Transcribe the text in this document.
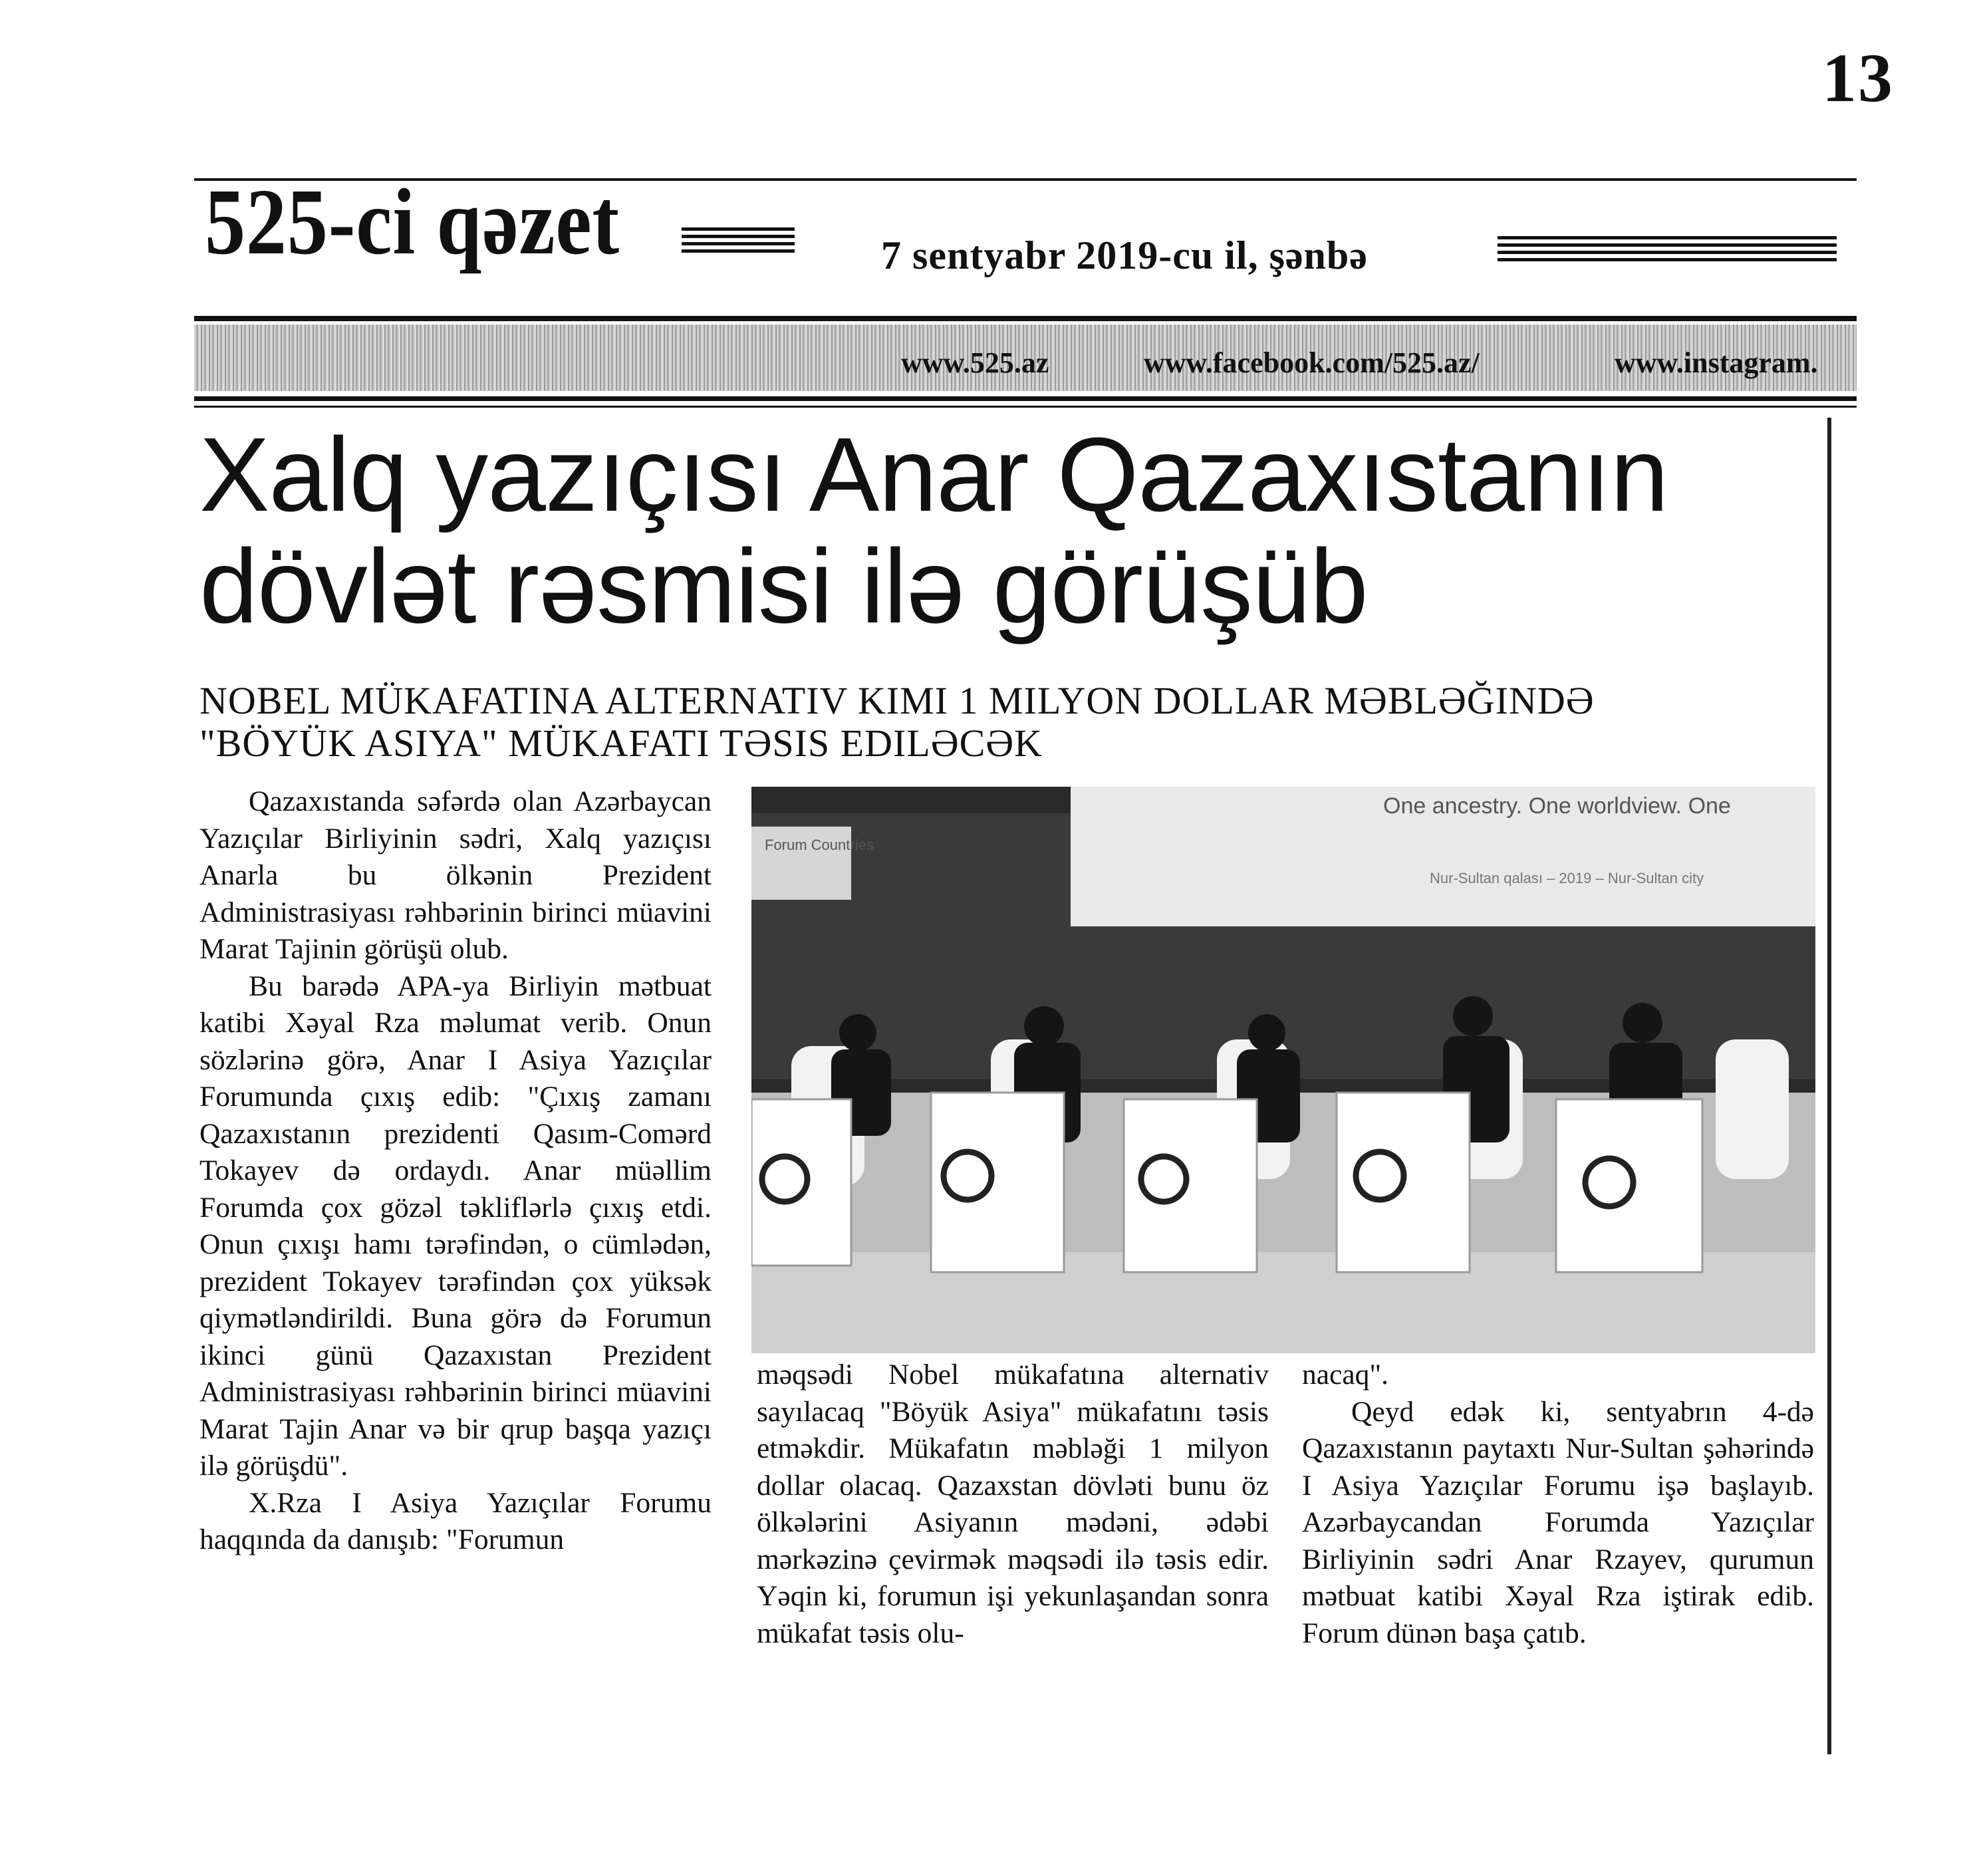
13
525-ci qəzet	7 sentyabr 2019-cu il, şənbə
www.525.az	www.facebook.com/525.az/	www.instagram.
Xalq yazıçısı Anar Qazaxıstanın
dövlət rəsmisi ilə görüşüb
NOBEL MÜKAFATINA ALTERNATIV KIMI 1 MILYON DOLLAR MƏBLƏĞINDƏ
"BÖYÜK ASIYA" MÜKAFATI TƏSIS EDILƏCƏK

Qazaxıstanda səfərdə olan Azərbaycan Yazıçılar Birliyinin sədri, Xalq yazıçısı Anarla bu ölkənin Prezident Administrasiyası rəhbərinin birinci müavini Marat Tajinin görüşü olub.

Bu barədə APA-ya Birliyin mətbuat katibi Xəyal Rza məlumat verib. Onun sözlərinə görə, Anar I Asiya Yazıçılar Forumunda çıxış edib: "Çıxış zamanı Qazaxıstanın prezidenti Qasım-Comərd Tokayev də ordaydı. Anar müəllim Forumda çox gözəl təkliflərlə çıxış etdi. Onun çıxışı hamı tərəfindən, o cümlədən, prezident Tokayev tərəfindən çox yüksək qiymətləndirildi. Buna görə də Forumun ikinci günü Qazaxıstan Prezident Administrasiyası rəhbərinin birinci müavini Marat Tajin Anar və bir qrup başqa yazıçı ilə görüşdü".

X.Rza I Asiya Yazıçılar Forumu haqqında da danışıb: "Forumun

Forum Countries
One ancestry. One worldview. One
Nur-Sultan qalası – 2019 – Nur-Sultan city

məqsədi Nobel mükafatına alternativ sayılacaq "Böyük Asiya" mükafatını təsis etməkdir. Mükafatın məbləği 1 milyon dollar olacaq. Qazaxstan dövləti bunu öz ölkələrini Asiyanın mədəni, ədəbi mərkəzinə çevirmək məqsədi ilə təsis edir. Yəqin ki, forumun işi yekunlaşandan sonra mükafat təsis olu-

nacaq".

Qeyd edək ki, sentyabrın 4-də Qazaxıstanın paytaxtı Nur-Sultan şəhərində I Asiya Yazıçılar Forumu işə başlayıb. Azərbaycandan Forumda Yazıçılar Birliyinin sədri Anar Rzayev, qurumun mətbuat katibi Xəyal Rza iştirak edib. Forum dünən başa çatıb.
